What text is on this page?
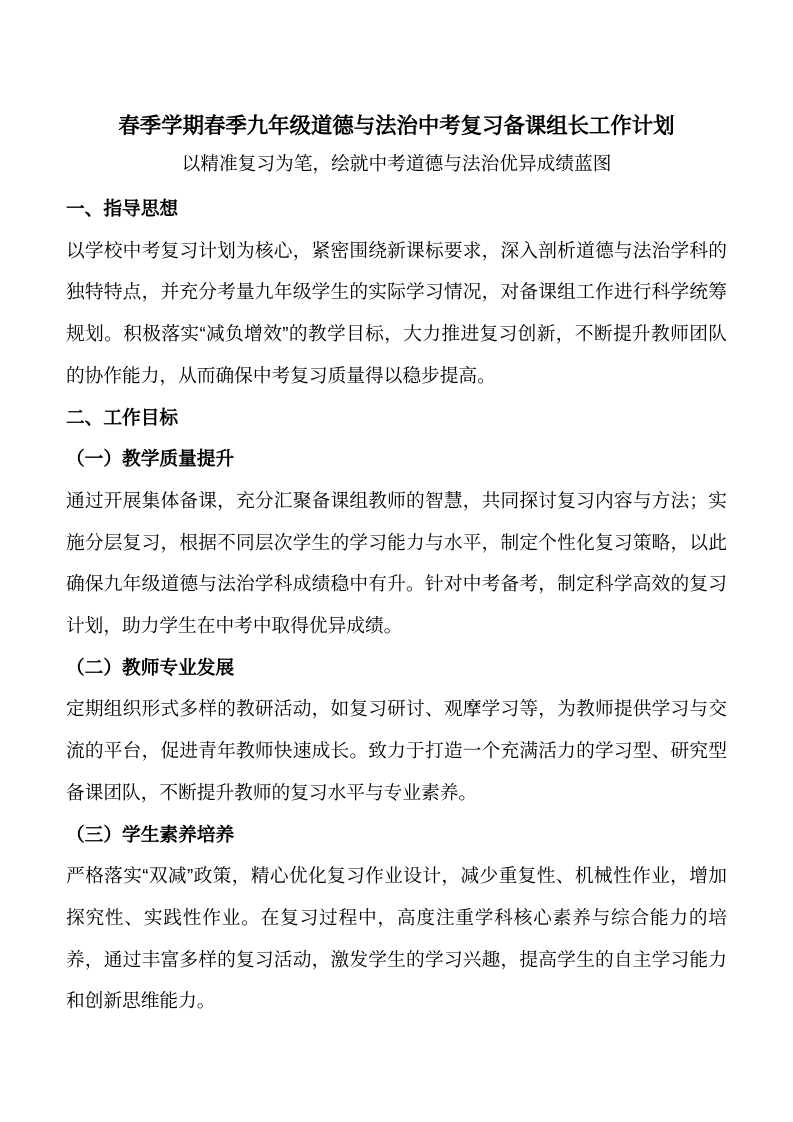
春季学期春季九年级道德与法治中考复习备课组长工作计划

以精准复习为笔，绘就中考道德与法治优异成绩蓝图

一、指导思想
以学校中考复习计划为核心，紧密围绕新课标要求，深入剖析道德与法治学科的独特特点，并充分考量九年级学生的实际学习情况，对备课组工作进行科学统筹规划。积极落实“减负增效”的教学目标，大力推进复习创新，不断提升教师团队的协作能力，从而确保中考复习质量得以稳步提高。
二、工作目标
（一）教学质量提升
通过开展集体备课，充分汇聚备课组教师的智慧，共同探讨复习内容与方法；实施分层复习，根据不同层次学生的学习能力与水平，制定个性化复习策略，以此确保九年级道德与法治学科成绩稳中有升。针对中考备考，制定科学高效的复习计划，助力学生在中考中取得优异成绩。
（二）教师专业发展
定期组织形式多样的教研活动，如复习研讨、观摩学习等，为教师提供学习与交流的平台，促进青年教师快速成长。致力于打造一个充满活力的学习型、研究型备课团队，不断提升教师的复习水平与专业素养。
（三）学生素养培养
严格落实“双减”政策，精心优化复习作业设计，减少重复性、机械性作业，增加探究性、实践性作业。在复习过程中，高度注重学科核心素养与综合能力的培养，通过丰富多样的复习活动，激发学生的学习兴趣，提高学生的自主学习能力和创新思维能力。
